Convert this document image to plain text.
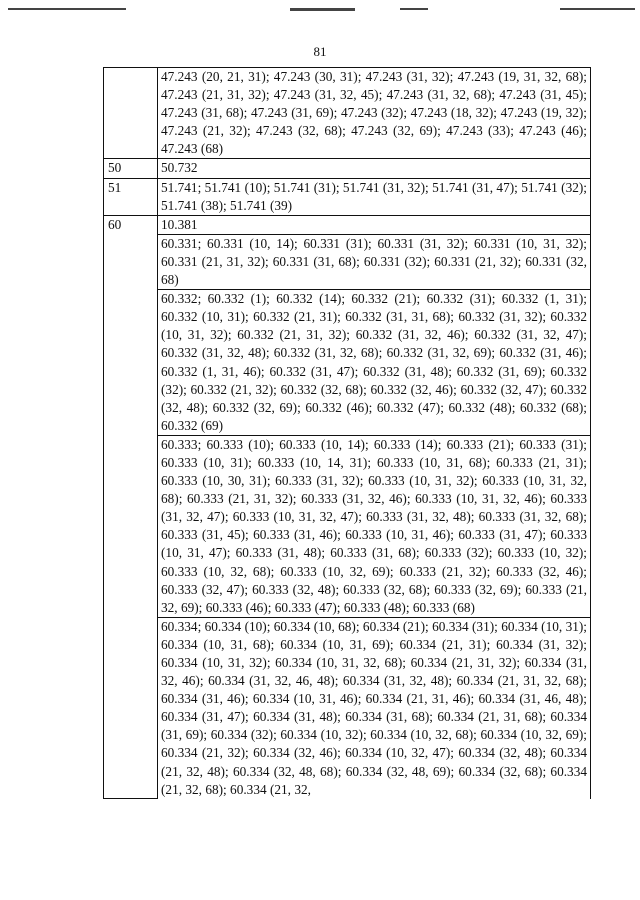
81
	47.243 (20, 21, 31); 47.243 (30, 31); 47.243 (31, 32); 47.243 (19, 31, 32, 68); 47.243 (21, 31, 32); 47.243 (31, 32, 45); 47.243 (31, 32, 68); 47.243 (31, 45); 47.243 (31, 68); 47.243 (31, 69); 47.243 (32); 47.243 (18, 32); 47.243 (19, 32); 47.243 (21, 32); 47.243 (32, 68); 47.243 (32, 69); 47.243 (33); 47.243 (46); 47.243 (68)
50	50.732
51	51.741; 51.741 (10); 51.741 (31); 51.741 (31, 32); 51.741 (31, 47); 51.741 (32); 51.741 (38); 51.741 (39)
60	10.381
	60.331; 60.331 (10, 14); 60.331 (31); 60.331 (31, 32); 60.331 (10, 31, 32); 60.331 (21, 31, 32); 60.331 (31, 68); 60.331 (32); 60.331 (21, 32); 60.331 (32, 68)
	60.332; 60.332 (1); 60.332 (14); 60.332 (21); 60.332 (31); 60.332 (1, 31); 60.332 (10, 31); 60.332 (21, 31); 60.332 (31, 31, 68); 60.332 (31, 32); 60.332 (10, 31, 32); 60.332 (21, 31, 32); 60.332 (31, 32, 46); 60.332 (31, 32, 47); 60.332 (31, 32, 48); 60.332 (31, 32, 68); 60.332 (31, 32, 69); 60.332 (31, 46); 60.332 (1, 31, 46); 60.332 (31, 47); 60.332 (31, 48); 60.332 (31, 69); 60.332 (32); 60.332 (21, 32); 60.332 (32, 68); 60.332 (32, 46); 60.332 (32, 47); 60.332 (32, 48); 60.332 (32, 69); 60.332 (46); 60.332 (47); 60.332 (48); 60.332 (68); 60.332 (69)
	60.333; 60.333 (10); 60.333 (10, 14); 60.333 (14); 60.333 (21); 60.333 (31); 60.333 (10, 31); 60.333 (10, 14, 31); 60.333 (10, 31, 68); 60.333 (21, 31); 60.333 (10, 30, 31); 60.333 (31, 32); 60.333 (10, 31, 32); 60.333 (10, 31, 32, 68); 60.333 (21, 31, 32); 60.333 (31, 32, 46); 60.333 (10, 31, 32, 46); 60.333 (31, 32, 47); 60.333 (10, 31, 32, 47); 60.333 (31, 32, 48); 60.333 (31, 32, 68); 60.333 (31, 45); 60.333 (31, 46); 60.333 (10, 31, 46); 60.333 (31, 47); 60.333 (10, 31, 47); 60.333 (31, 48); 60.333 (31, 68); 60.333 (32); 60.333 (10, 32); 60.333 (10, 32, 68); 60.333 (10, 32, 69); 60.333 (21, 32); 60.333 (32, 46); 60.333 (32, 47); 60.333 (32, 48); 60.333 (32, 68); 60.333 (32, 69); 60.333 (21, 32, 69); 60.333 (46); 60.333 (47); 60.333 (48); 60.333 (68)
	60.334; 60.334 (10); 60.334 (10, 68); 60.334 (21); 60.334 (31); 60.334 (10, 31); 60.334 (10, 31, 68); 60.334 (10, 31, 69); 60.334 (21, 31); 60.334 (31, 32); 60.334 (10, 31, 32); 60.334 (10, 31, 32, 68); 60.334 (21, 31, 32); 60.334 (31, 32, 46); 60.334 (31, 32, 46, 48); 60.334 (31, 32, 48); 60.334 (21, 31, 32, 68); 60.334 (31, 46); 60.334 (10, 31, 46); 60.334 (21, 31, 46); 60.334 (31, 46, 48); 60.334 (31, 47); 60.334 (31, 48); 60.334 (31, 68); 60.334 (21, 31, 68); 60.334 (31, 69); 60.334 (32); 60.334 (10, 32); 60.334 (10, 32, 68); 60.334 (10, 32, 69); 60.334 (21, 32); 60.334 (32, 46); 60.334 (10, 32, 47); 60.334 (32, 48); 60.334 (21, 32, 48); 60.334 (32, 48, 68); 60.334 (32, 48, 69); 60.334 (32, 68); 60.334 (21, 32, 68); 60.334 (21, 32,
